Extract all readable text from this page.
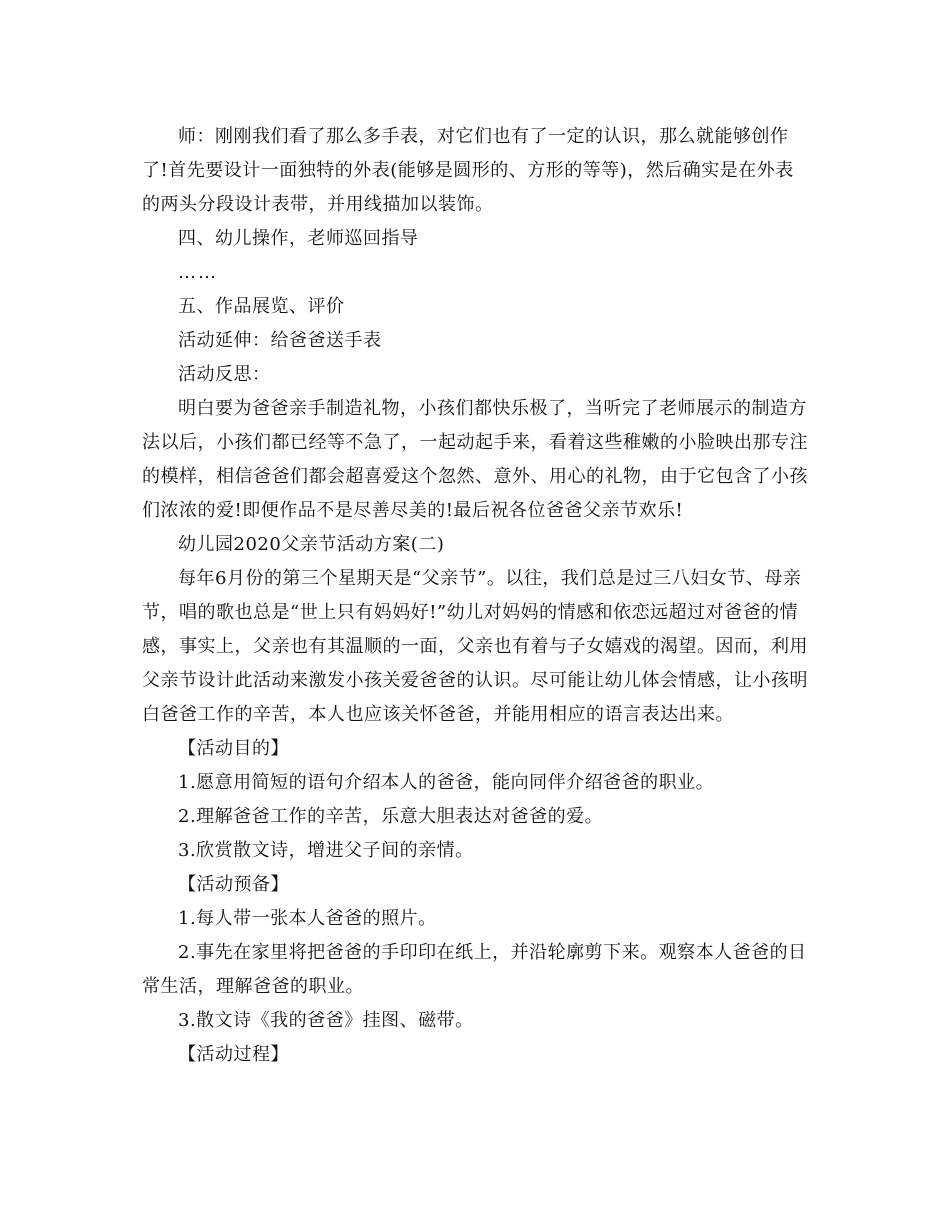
师：刚刚我们看了那么多手表，对它们也有了一定的认识，那么就能够创作了!首先要设计一面独特的外表(能够是圆形的、方形的等等)，然后确实是在外表的两头分段设计表带，并用线描加以装饰。

四、幼儿操作，老师巡回指导

……

五、作品展览、评价

活动延伸：给爸爸送手表

活动反思：

明白要为爸爸亲手制造礼物，小孩们都快乐极了，当听完了老师展示的制造方法以后，小孩们都已经等不急了，一起动起手来，看着这些稚嫩的小脸映出那专注的模样，相信爸爸们都会超喜爱这个忽然、意外、用心的礼物，由于它包含了小孩们浓浓的爱!即便作品不是尽善尽美的!最后祝各位爸爸父亲节欢乐!

幼儿园2020父亲节活动方案(二)

每年6月份的第三个星期天是“父亲节”。以往，我们总是过三八妇女节、母亲节，唱的歌也总是“世上只有妈妈好!”幼儿对妈妈的情感和依恋远超过对爸爸的情感，事实上，父亲也有其温顺的一面，父亲也有着与子女嬉戏的渴望。因而，利用父亲节设计此活动来激发小孩关爱爸爸的认识。尽可能让幼儿体会情感，让小孩明白爸爸工作的辛苦，本人也应该关怀爸爸，并能用相应的语言表达出来。

【活动目的】

1.愿意用简短的语句介绍本人的爸爸，能向同伴介绍爸爸的职业。

2.理解爸爸工作的辛苦，乐意大胆表达对爸爸的爱。

3.欣赏散文诗，增进父子间的亲情。

【活动预备】

1.每人带一张本人爸爸的照片。

2.事先在家里将把爸爸的手印印在纸上，并沿轮廓剪下来。观察本人爸爸的日常生活，理解爸爸的职业。

3.散文诗《我的爸爸》挂图、磁带。

【活动过程】
